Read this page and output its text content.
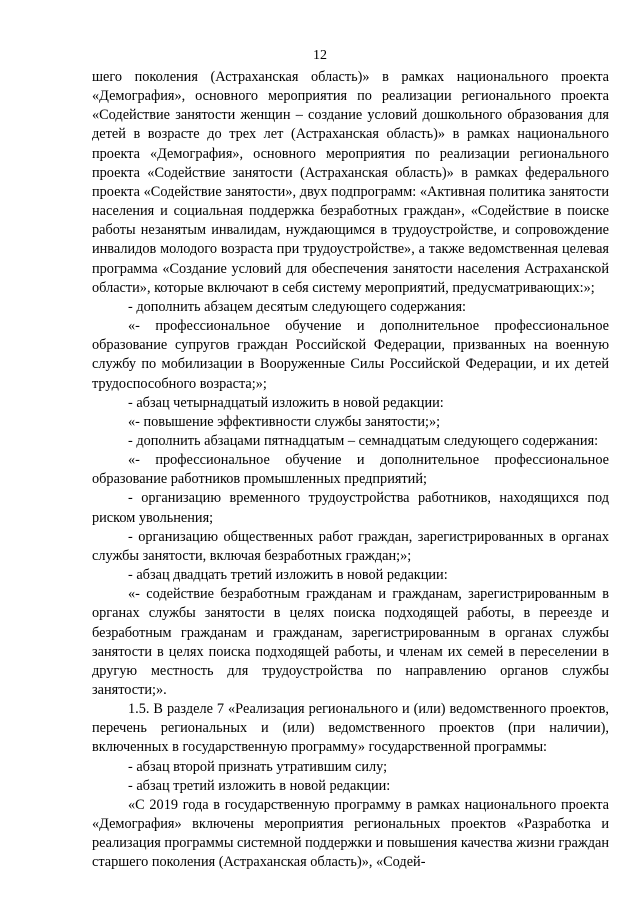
12

шего поколения (Астраханская область)» в рамках национального проекта «Демография», основного мероприятия по реализации регионального проекта «Содействие занятости женщин – создание условий дошкольного образования для детей в возрасте до трех лет (Астраханская область)» в рамках национального проекта «Демография», основного мероприятия по реализации регионального проекта «Содействие занятости (Астраханская область)» в рамках федерального проекта «Содействие занятости», двух подпрограмм: «Активная политика занятости населения и социальная поддержка безработных граждан», «Содействие в поиске работы незанятым инвалидам, нуждающимся в трудоустройстве, и сопровождение инвалидов молодого возраста при трудоустройстве», а также ведомственная целевая программа «Создание условий для обеспечения занятости населения Астраханской области», которые включают в себя систему мероприятий, предусматривающих:»;

- дополнить абзацем десятым следующего содержания:

«- профессиональное обучение и дополнительное профессиональное образование супругов граждан Российской Федерации, призванных на военную службу по мобилизации в Вооруженные Силы Российской Федерации, и их детей трудоспособного возраста;»;

- абзац четырнадцатый изложить в новой редакции:

«- повышение эффективности службы занятости;»;

- дополнить абзацами пятнадцатым – семнадцатым следующего содержания:

«- профессиональное обучение и дополнительное профессиональное образование работников промышленных предприятий;

- организацию временного трудоустройства работников, находящихся под риском увольнения;

- организацию общественных работ граждан, зарегистрированных в органах службы занятости, включая безработных граждан;»;

- абзац двадцать третий изложить в новой редакции:

«- содействие безработным гражданам и гражданам, зарегистрированным в органах службы занятости в целях поиска подходящей работы, в переезде и безработным гражданам и гражданам, зарегистрированным в органах службы занятости в целях поиска подходящей работы, и членам их семей в переселении в другую местность для трудоустройства по направлению органов службы занятости;».

1.5. В разделе 7 «Реализация регионального и (или) ведомственного проектов, перечень региональных и (или) ведомственного проектов (при наличии), включенных в государственную программу» государственной программы:

- абзац второй признать утратившим силу;

- абзац третий изложить в новой редакции:

«С 2019 года в государственную программу в рамках национального проекта «Демография» включены мероприятия региональных проектов «Разработка и реализация программы системной поддержки и повышения качества жизни граждан старшего поколения (Астраханская область)», «Содей-
